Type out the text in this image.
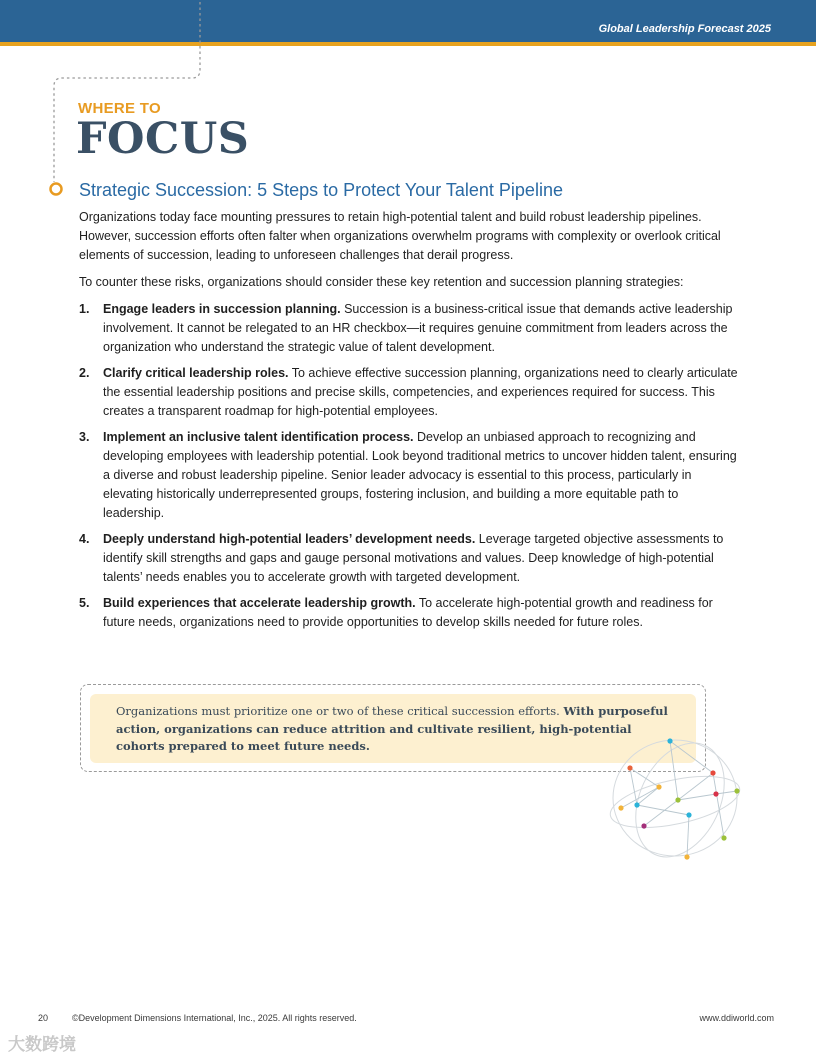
Global Leadership Forecast 2025
WHERE TO
FOCUS
Strategic Succession: 5 Steps to Protect Your Talent Pipeline

Organizations today face mounting pressures to retain high-potential talent and build robust leadership pipelines. However, succession efforts often falter when organizations overwhelm programs with complexity or overlook critical elements of succession, leading to unforeseen challenges that derail progress.

To counter these risks, organizations should consider these key retention and succession planning strategies:

1. Engage leaders in succession planning. Succession is a business-critical issue that demands active leadership involvement. It cannot be relegated to an HR checkbox—it requires genuine commitment from leaders across the organization who understand the strategic value of talent development.
2. Clarify critical leadership roles. To achieve effective succession planning, organizations need to clearly articulate the essential leadership positions and precise skills, competencies, and experiences required for success. This creates a transparent roadmap for high-potential employees.
3. Implement an inclusive talent identification process. Develop an unbiased approach to recognizing and developing employees with leadership potential. Look beyond traditional metrics to uncover hidden talent, ensuring a diverse and robust leadership pipeline. Senior leader advocacy is essential to this process, particularly in elevating historically underrepresented groups, fostering inclusion, and building a more equitable path to leadership.
4. Deeply understand high-potential leaders’ development needs. Leverage targeted objective assessments to identify skill strengths and gaps and gauge personal motivations and values. Deep knowledge of high-potential talents’ needs enables you to accelerate growth with targeted development.
5. Build experiences that accelerate leadership growth. To accelerate high-potential growth and readiness for future needs, organizations need to provide opportunities to develop skills needed for future roles.
Organizations must prioritize one or two of these critical succession efforts. With purposeful action, organizations can reduce attrition and cultivate resilient, high-potential cohorts prepared to meet future needs.
20	©Development Dimensions International, Inc., 2025. All rights reserved.	www.ddiworld.com
大数跨境
